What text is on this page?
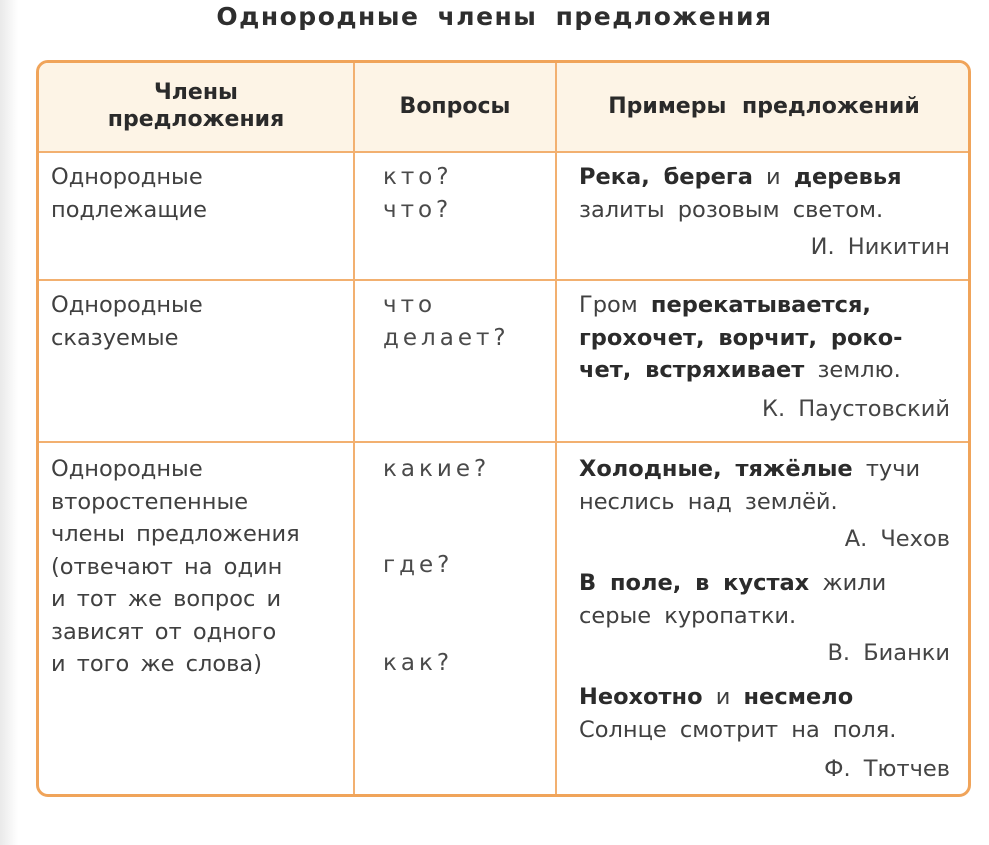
Однородные члены предложения
Члены
предложения
Вопросы	Примеры предложений
Однородные
подлежащие
кто?
что?
Река, берега и деревья
залиты розовым светом.
И. Никитин
Однородные
сказуемые
что
делает?
Гром перекатывается,
грохочет, ворчит, роко-
чет, встряхивает землю.
К. Паустовский
Однородные
второстепенные
члены предложения
(отвечают на один
и тот же вопрос и
зависят от одного
и того же слова)
какие?
где?
как?
Холодные, тяжёлые тучи
неслись над землёй.
А. Чехов
В поле, в кустах жили
серые куропатки.
В. Бианки
Неохотно и несмело
Солнце смотрит на поля.
Ф. Тютчев
